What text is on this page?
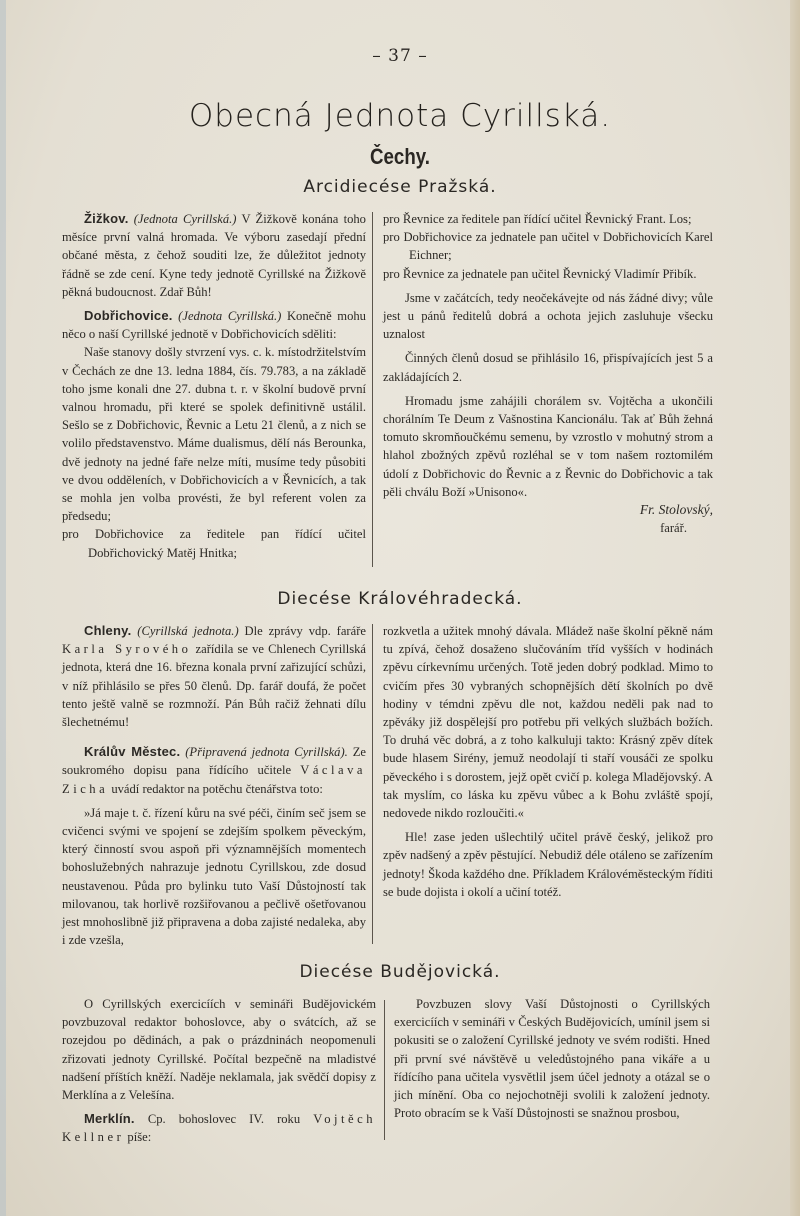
– 37 –
Obecná Jednota Cyrillská.
Čechy.
Arcidiecése Pražská.

Žižkov. (Jednota Cyrillská.) V Žižkově konána toho měsíce první valná hromada. Ve výboru zasedají přední občané města, z čehož souditi lze, že důležitot jednoty řádně se zde cení. Kyne tedy jednotě Cyrillské na Žižkově pěkná budoucnost. Zdař Bůh!

Dobřichovice. (Jednota Cyrillská.) Konečně mohu něco o naší Cyrillské jednotě v Dobřichovicích sděliti:

Naše stanovy došly stvrzení vys. c. k. místodržitelstvím v Čechách ze dne 13. ledna 1884, čís. 79.783, a na základě toho jsme konali dne 27. dubna t. r. v školní budově první valnou hromadu, při které se spolek definitivně ustálil. Sešlo se z Dobřichovic, Řevnic a Letu 21 členů, a z nich se volilo představenstvo. Máme dualismus, dělí nás Berounka, dvě jednoty na jedné faře nelze míti, musíme tedy působiti ve dvou odděleních, v Dobřichovicích a v Řevnicích, a tak se mohla jen volba provésti, že byl referent volen za předsedu;

pro Dobřichovice za ředitele pan řídící učitel Dobřichovický Matěj Hnitka;

pro Řevnice za ředitele pan řídící učitel Řevnický Frant. Los;

pro Dobřichovice za jednatele pan učitel v Dobřichovicích Karel Eichner;

pro Řevnice za jednatele pan učitel Řevnický Vladimír Přibík.

Jsme v začátcích, tedy neočekávejte od nás žádné divy; vůle jest u pánů ředitelů dobrá a ochota jejich zasluhuje všecku uznalost

Činných členů dosud se přihlásilo 16, přispívajících jest 5 a zakládajících 2.

Hromadu jsme zahájili chorálem sv. Vojtěcha a ukončili chorálním Te Deum z Vašnostina Kancionálu. Tak ať Bůh žehná tomuto skromňoučkému semenu, by vzrostlo v mohutný strom a hlahol zbožných zpěvů rozléhal se v tom našem roztomilém údolí z Dobřichovic do Řevnic a z Řevnic do Dobřichovic a tak pěli chválu Boží »Unisono«.

Fr. Stolovský,

farář.

Diecése Královéhradecká.

Chleny. (Cyrillská jednota.) Dle zprávy vdp. faráře Karla Syrového zařídila se ve Chlenech Cyrillská jednota, která dne 16. března konala první zařizující schůzi, v níž přihlásilo se přes 50 členů. Dp. farář doufá, že počet tento ještě valně se rozmnoží. Pán Bůh račiž žehnati dílu šlechetnému!

Králův Městec. (Připravená jednota Cyrillská). Ze soukromého dopisu pana řídícího učitele Václava Zicha uvádí redaktor na potěchu čtenářstva toto:

»Já maje t. č. řízení kůru na své péči, činím seč jsem se cvičenci svými ve spojení se zdejším spolkem pěveckým, který činností svou aspoň při významnějších momentech bohoslužebných nahrazuje jednotu Cyrillskou, zde dosud neustavenou. Půda pro bylinku tuto Vaší Důstojností tak milovanou, tak horlivě rozšiřovanou a pečlivě ošetřovanou jest mnohoslibně již připravena a doba zajisté nedaleka, aby i zde vzešla,

rozkvetla a užitek mnohý dávala. Mládež naše školní pěkně nám tu zpívá, čehož dosaženo slučováním tříd vyšších v hodinách zpěvu církevnímu určených. Totě jeden dobrý podklad. Mimo to cvičím přes 30 vybraných schopnějších dětí školních po dvě hodiny v témdni zpěvu dle not, každou neděli pak nad to zpěváky již dospělejší pro potřebu při velkých službách božích. To druhá věc dobrá, a z toho kalkuluji takto: Krásný zpěv dítek bude hlasem Sirény, jemuž neodolají ti staří vousáči ze spolku pěveckého i s dorostem, jejž opět cvičí p. kolega Mladějovský. A tak myslím, co láska ku zpěvu vůbec a k Bohu zvláště spojí, nedovede nikdo rozloučiti.«

Hle! zase jeden ušlechtilý učitel právě český, jelikož pro zpěv nadšený a zpěv pěstující. Nebudiž déle otáleno se zařízením jednoty! Škoda každého dne. Příkladem Královéměsteckým říditi se bude dojista i okolí a učiní totéž.

Diecése Budějovická.

O Cyrillských exercicíích v semináři Budějovickém povzbuzoval redaktor bohoslovce, aby o svátcích, až se rozejdou po dědinách, a pak o prázdninách neopomenuli zřizovati jednoty Cyrillské. Počítal bezpečně na mladistvé nadšení příštích kněží. Naděje neklamala, jak svědčí dopisy z Merklína a z Velešína.

Merklín. Cp. bohoslovec IV. roku Vojtěch Kellner píše:

Povzbuzen slovy Vaší Důstojnosti o Cyrillských exercicíích v semináři v Českých Budějovicích, umínil jsem si pokusiti se o založení Cyrillské jednoty ve svém rodišti. Hned při první své návštěvě u veledůstojného pana vikáře a u řídícího pana učitela vysvětlil jsem účel jednoty a otázal se o jich mínění. Oba co nejochotněji svolili k založení jednoty. Proto obracím se k Vaší Důstojnosti se snažnou prosbou,
